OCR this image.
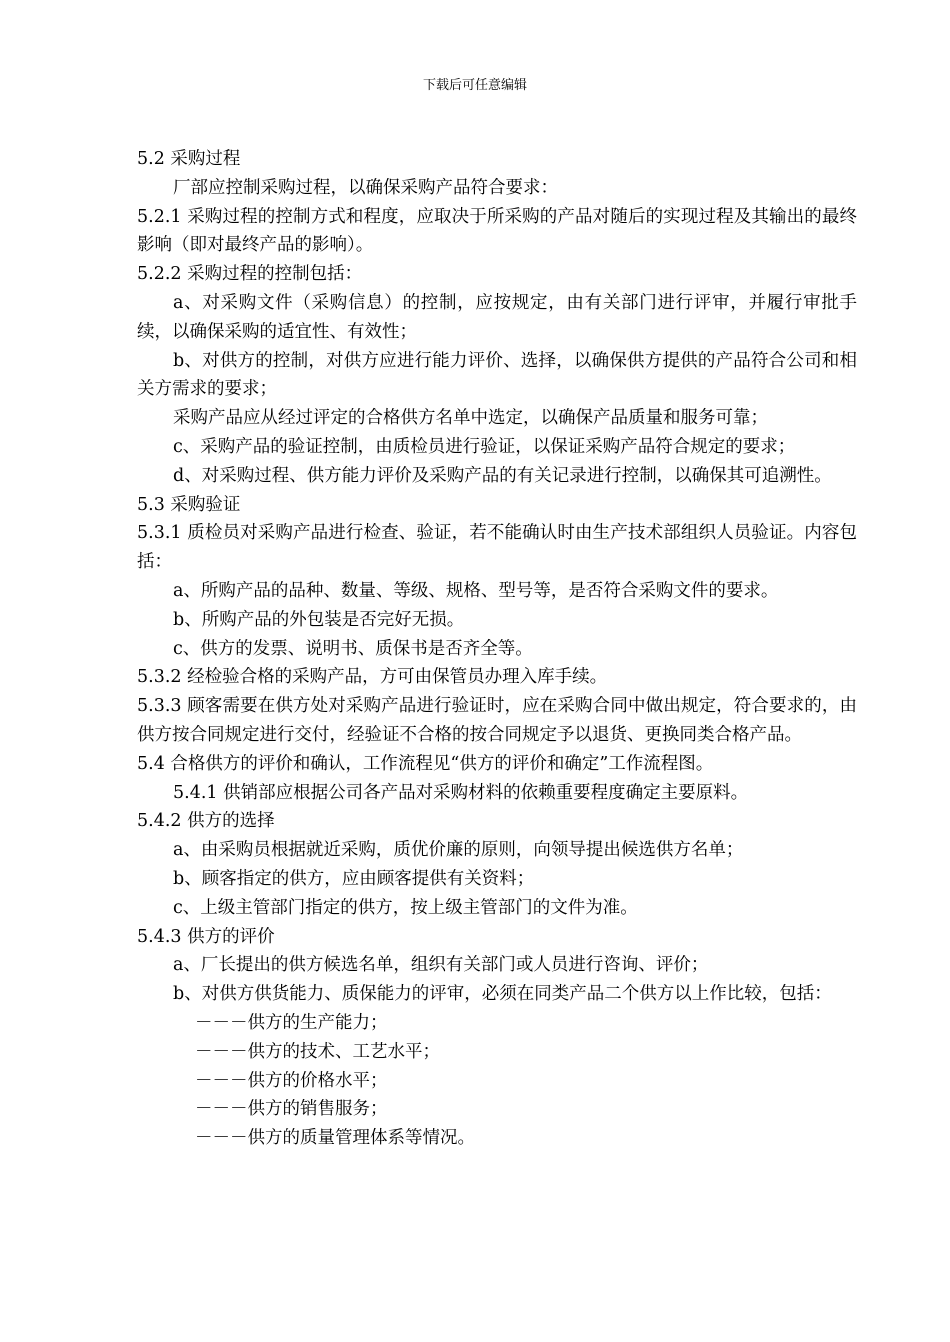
下载后可任意编辑

5.2 采购过程

厂部应控制采购过程，以确保采购产品符合要求：

5.2.1 采购过程的控制方式和程度，应取决于所采购的产品对随后的实现过程及其输出的最终影响（即对最终产品的影响）。

5.2.2 采购过程的控制包括：

a、对采购文件（采购信息）的控制，应按规定，由有关部门进行评审，并履行审批手续，以确保采购的适宜性、有效性；

b、对供方的控制，对供方应进行能力评价、选择，以确保供方提供的产品符合公司和相关方需求的要求；

采购产品应从经过评定的合格供方名单中选定，以确保产品质量和服务可靠；

c、采购产品的验证控制，由质检员进行验证，以保证采购产品符合规定的要求；

d、对采购过程、供方能力评价及采购产品的有关记录进行控制，以确保其可追溯性。

5.3 采购验证

5.3.1 质检员对采购产品进行检查、验证，若不能确认时由生产技术部组织人员验证。内容包括：

a、所购产品的品种、数量、等级、规格、型号等，是否符合采购文件的要求。

b、所购产品的外包装是否完好无损。

c、供方的发票、说明书、质保书是否齐全等。

5.3.2 经检验合格的采购产品，方可由保管员办理入库手续。

5.3.3 顾客需要在供方处对采购产品进行验证时，应在采购合同中做出规定，符合要求的，由供方按合同规定进行交付，经验证不合格的按合同规定予以退货、更换同类合格产品。

5.4 合格供方的评价和确认，工作流程见“供方的评价和确定”工作流程图。

5.4.1 供销部应根据公司各产品对采购材料的依赖重要程度确定主要原料。

5.4.2 供方的选择

a、由采购员根据就近采购，质优价廉的原则，向领导提出候选供方名单；

b、顾客指定的供方，应由顾客提供有关资料；

c、上级主管部门指定的供方，按上级主管部门的文件为准。

5.4.3 供方的评价

a、厂长提出的供方候选名单，组织有关部门或人员进行咨询、评价；

b、对供方供货能力、质保能力的评审，必须在同类产品二个供方以上作比较，包括：

－－－供方的生产能力；

－－－供方的技术、工艺水平；

－－－供方的价格水平；

－－－供方的销售服务；

－－－供方的质量管理体系等情况。
